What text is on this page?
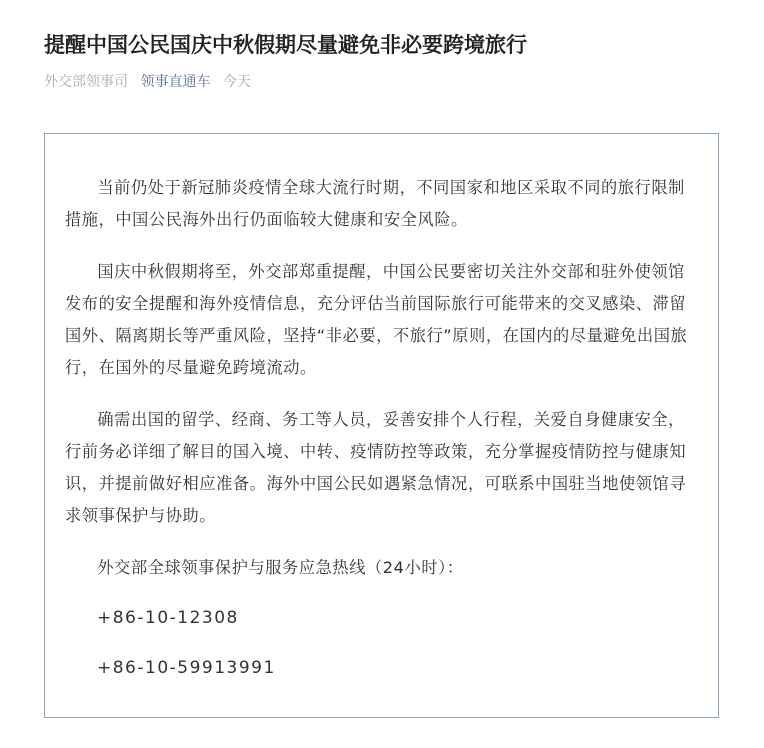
提醒中国公民国庆中秋假期尽量避免非必要跨境旅行
外交部领事司 领事直通车 今天

当前仍处于新冠肺炎疫情全球大流行时期，不同国家和地区采取不同的旅行限制措施，中国公民海外出行仍面临较大健康和安全风险。

国庆中秋假期将至，外交部郑重提醒，中国公民要密切关注外交部和驻外使领馆发布的安全提醒和海外疫情信息，充分评估当前国际旅行可能带来的交叉感染、滞留国外、隔离期长等严重风险，坚持“非必要，不旅行”原则，在国内的尽量避免出国旅行，在国外的尽量避免跨境流动。

确需出国的留学、经商、务工等人员，妥善安排个人行程，关爱自身健康安全，行前务必详细了解目的国入境、中转、疫情防控等政策，充分掌握疫情防控与健康知识，并提前做好相应准备。海外中国公民如遇紧急情况，可联系中国驻当地使领馆寻求领事保护与协助。

外交部全球领事保护与服务应急热线（24小时）：

+86-10-12308

+86-10-59913991
